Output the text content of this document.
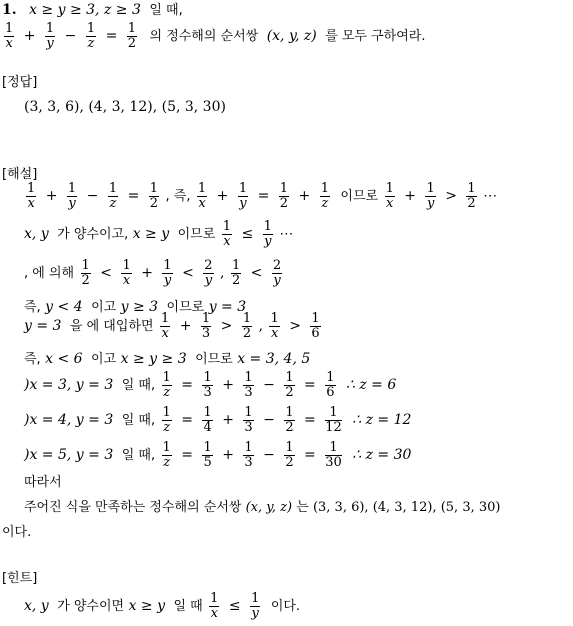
1. x ≥ y ≥ 3, z ≥ 3 일 때,
$\frac{1}{x} + \frac{1}{y} - \frac{1}{z} = \frac{1}{2}$ 의 정수해의 순서쌍 (x, y, z) 를 모두 구하여라.
[정답]
(3, 3, 6), (4, 3, 12), (5, 3, 30)
[해설]
$\frac{1}{x} + \frac{1}{y} - \frac{1}{z} = \frac{1}{2}$ , 즉, $\frac{1}{x} + \frac{1}{y} = \frac{1}{2} + \frac{1}{z}$ 이므로 $\frac{1}{x} + \frac{1}{y} > \frac{1}{2}$ ⋯
x, y 가 양수이고, x ≥ y 이므로 $\frac{1}{x} \le \frac{1}{y}$ ⋯
, 에 의해 $\frac{1}{2} < \frac{1}{x} + \frac{1}{y} < \frac{2}{y}$ , $\frac{1}{2} < \frac{2}{y}$
즉, y < 4 이고 y ≥ 3 이므로 y = 3
y = 3 을 에 대입하면 $\frac{1}{x} + \frac{1}{3} > \frac{1}{2}$ , $\frac{1}{x} > \frac{1}{6}$
즉, x < 6 이고 x ≥ y ≥ 3 이므로 x = 3, 4, 5
)x = 3, y = 3 일 때, $\frac{1}{z} = \frac{1}{3} + \frac{1}{3} - \frac{1}{2} = \frac{1}{6}$ ∴ z = 6
)x = 4, y = 3 일 때, $\frac{1}{z} = \frac{1}{4} + \frac{1}{3} - \frac{1}{2} = \frac{1}{12}$ ∴ z = 12
)x = 5, y = 3 일 때, $\frac{1}{z} = \frac{1}{5} + \frac{1}{3} - \frac{1}{2} = \frac{1}{30}$ ∴ z = 30
따라서
주어진 식을 만족하는 정수해의 순서쌍 (x, y, z) 는 (3, 3, 6), (4, 3, 12), (5, 3, 30)
이다.
[힌트]
x, y 가 양수이면 x ≥ y 일 때 $\frac{1}{x} \le \frac{1}{y}$ 이다.
